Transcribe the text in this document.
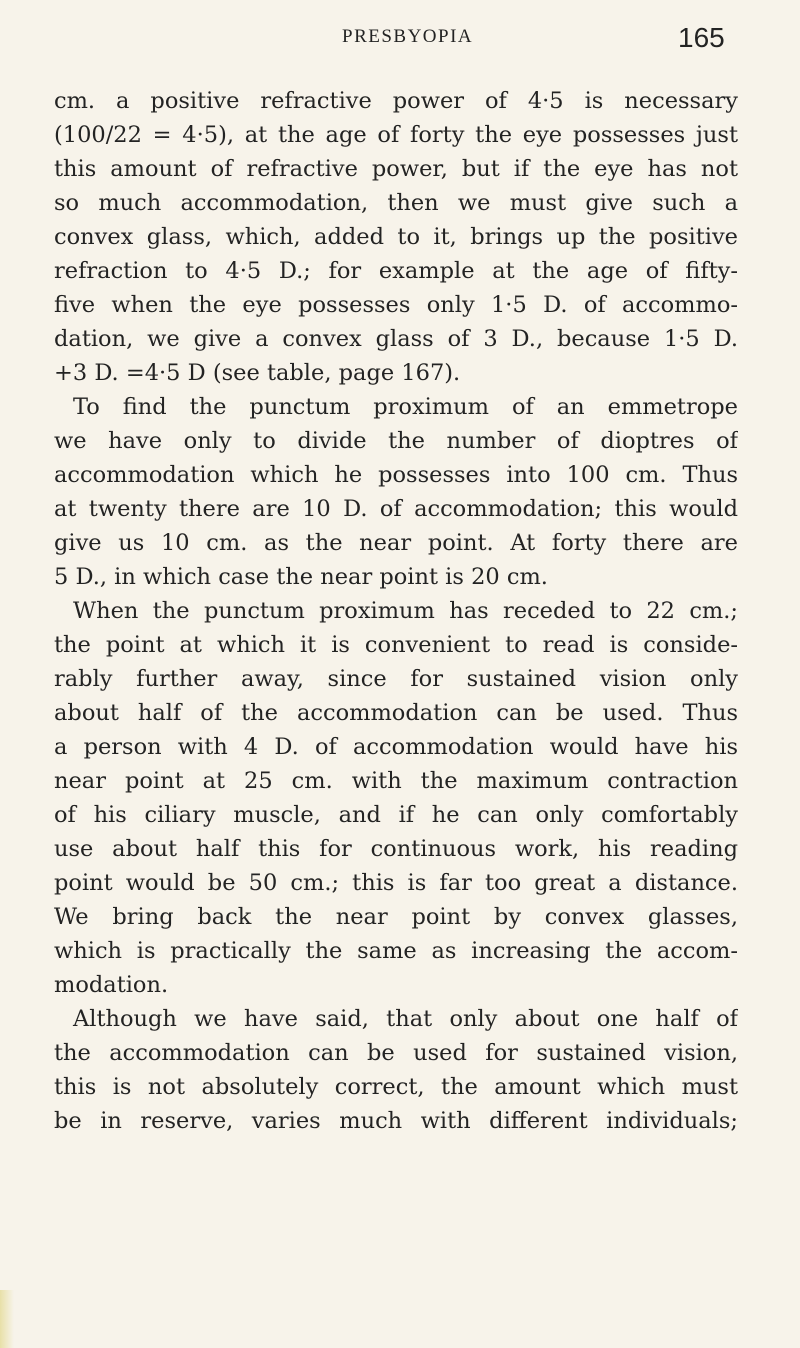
PRESBYOPIA	165
cm. a positive refractive power of 4·5 is necessary
(100/22 = 4·5), at the age of forty the eye possesses just
this amount of refractive power, but if the eye has not
so much accommodation, then we must give such a
convex glass, which, added to it, brings up the positive
refraction to 4·5 D.; for example at the age of fifty-
five when the eye possesses only 1·5 D. of accommo-
dation, we give a convex glass of 3 D., because 1·5 D.
+3 D. =4·5 D (see table, page 167).
To find the punctum proximum of an emmetrope
we have only to divide the number of dioptres of
accommodation which he possesses into 100 cm. Thus
at twenty there are 10 D. of accommodation; this would
give us 10 cm. as the near point. At forty there are
5 D., in which case the near point is 20 cm.
When the punctum proximum has receded to 22 cm.;
the point at which it is convenient to read is conside-
rably further away, since for sustained vision only
about half of the accommodation can be used. Thus
a person with 4 D. of accommodation would have his
near point at 25 cm. with the maximum contraction
of his ciliary muscle, and if he can only comfortably
use about half this for continuous work, his reading
point would be 50 cm.; this is far too great a distance.
We bring back the near point by convex glasses,
which is practically the same as increasing the accom-
modation.
Although we have said, that only about one half of
the accommodation can be used for sustained vision,
this is not absolutely correct, the amount which must
be in reserve, varies much with different individuals;
